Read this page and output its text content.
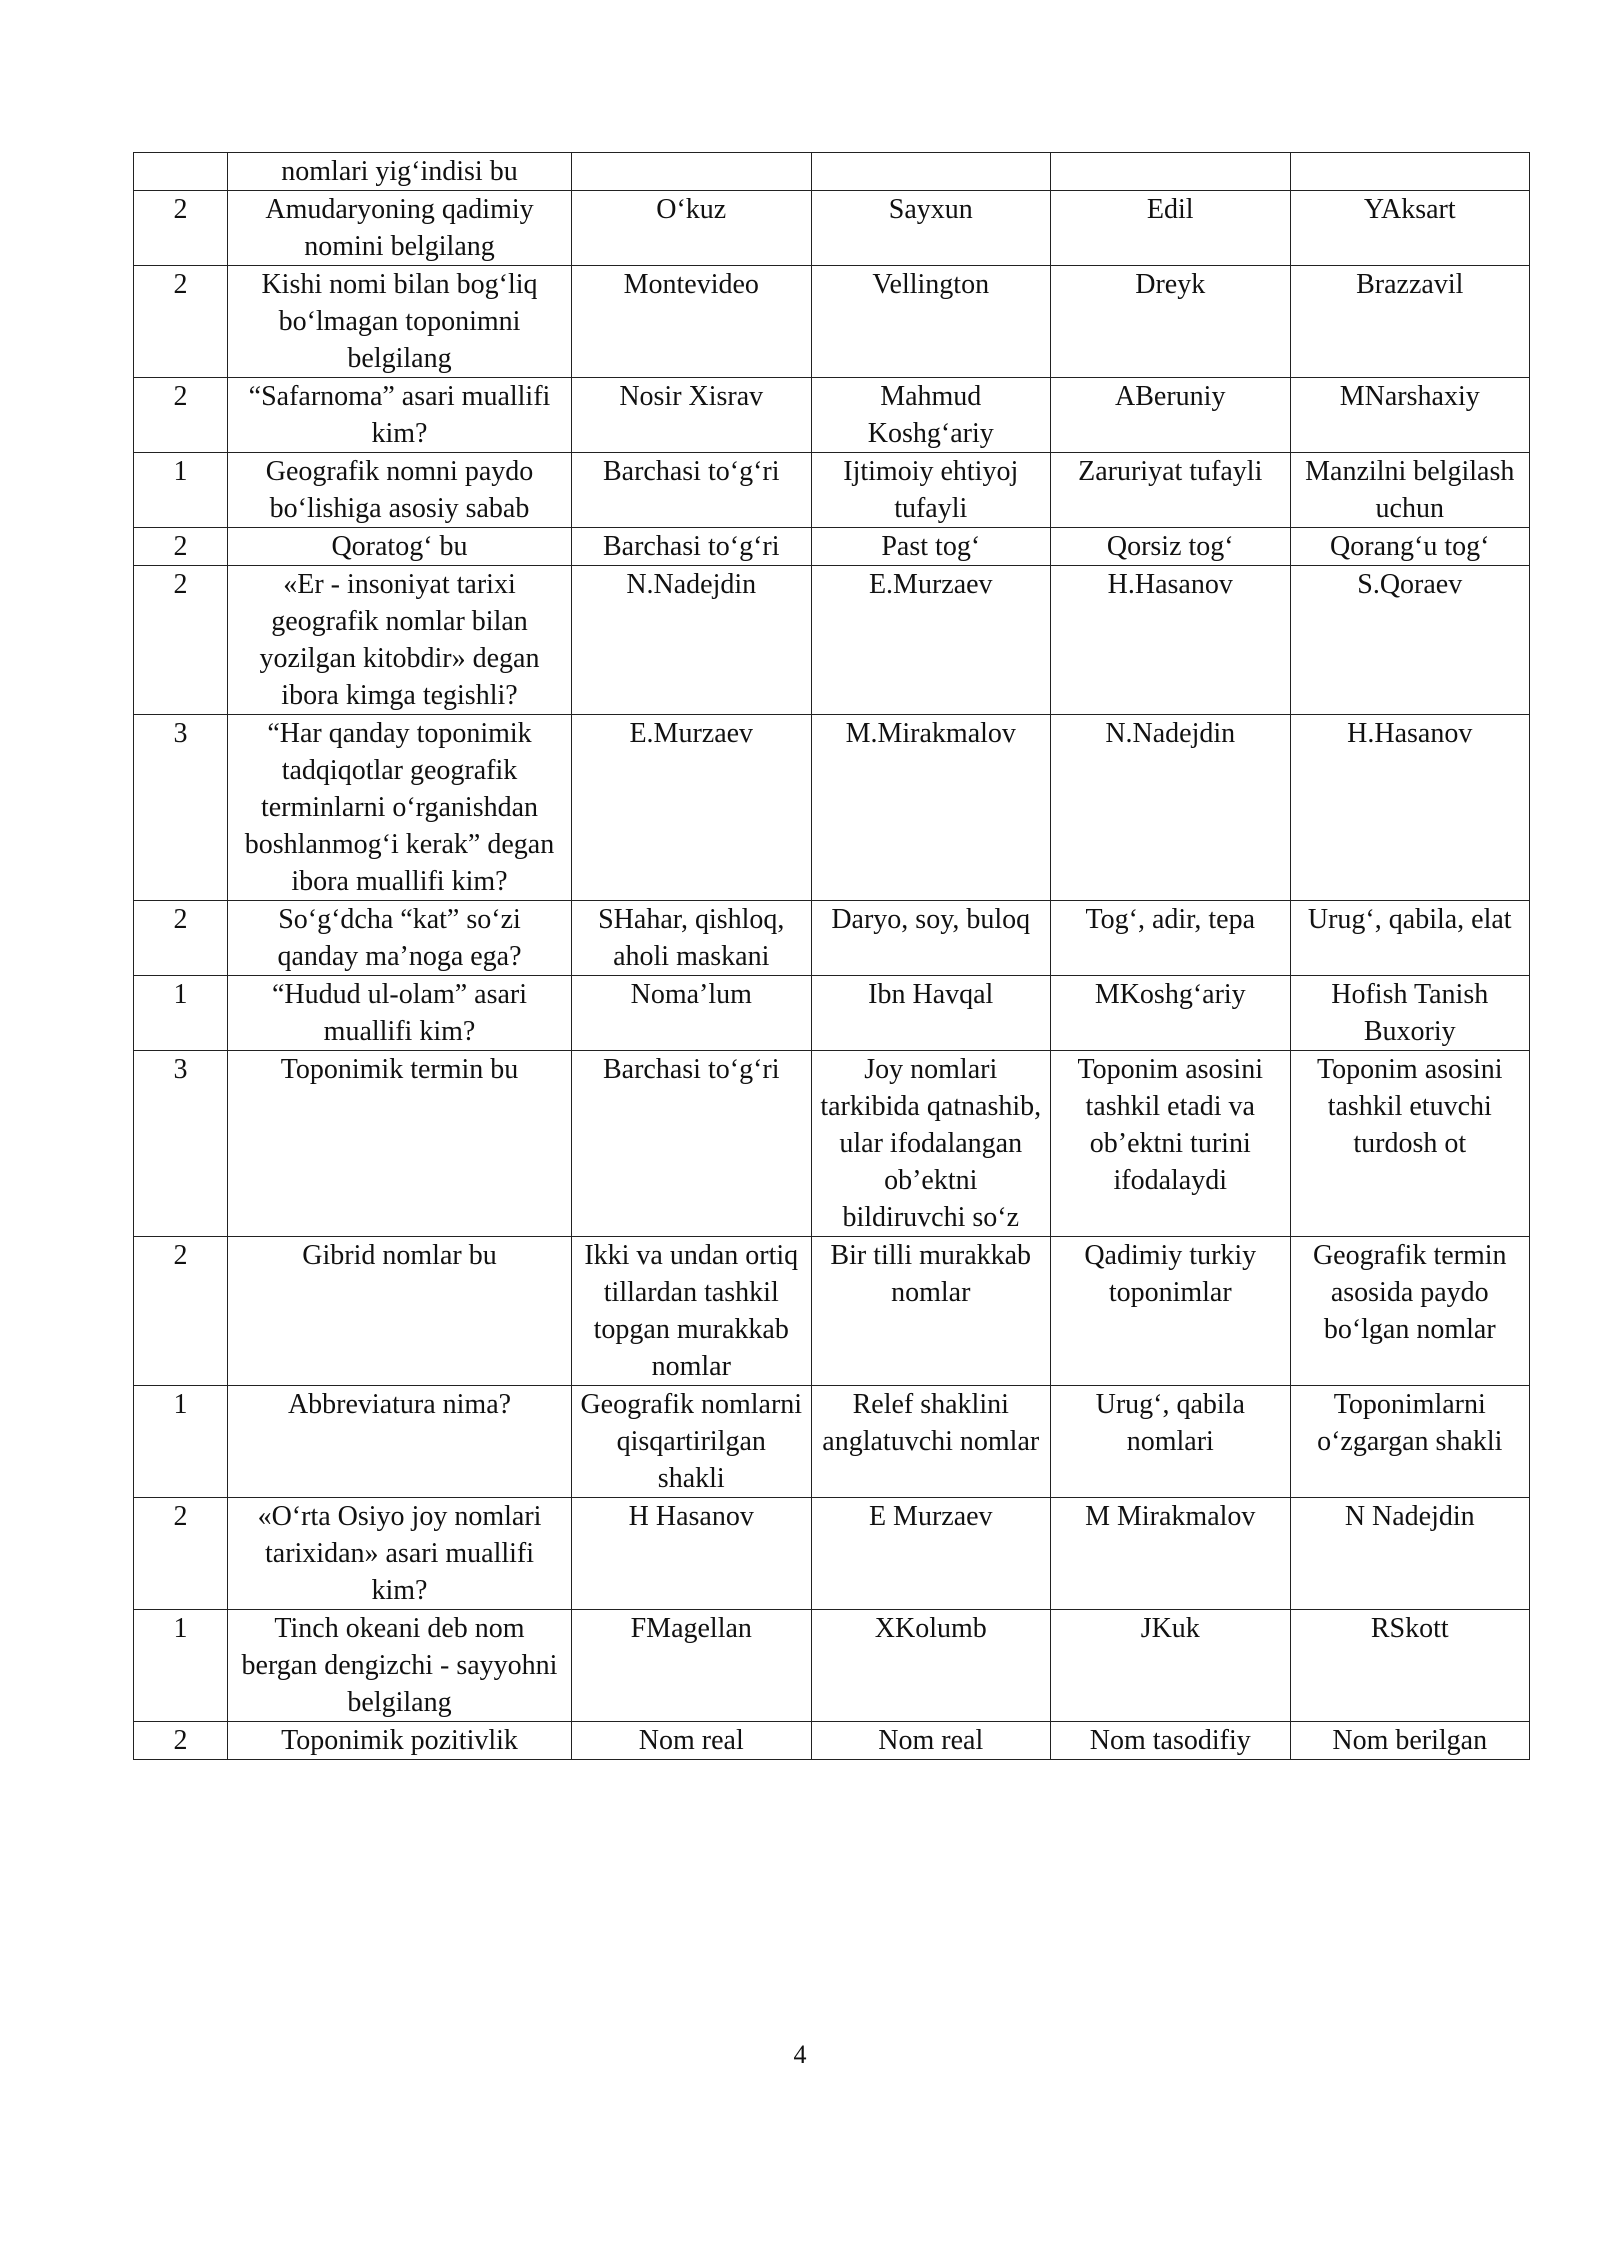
	nomlari yig‘indisi bu				
2	Amudaryoning qadimiy nomini belgilang	O‘kuz	Sayxun	Edil	YAksart
2	Kishi nomi bilan bog‘liq bo‘lmagan toponimni belgilang	Montevideo	Vellington	Dreyk	Brazzavil
2	“Safarnoma” asari muallifi kim?	Nosir Xisrav	Mahmud Koshg‘ariy	ABeruniy	MNarshaxiy
1	Geografik nomni paydo bo‘lishiga asosiy sabab	Barchasi to‘g‘ri	Ijtimoiy ehtiyoj tufayli	Zaruriyat tufayli	Manzilni belgilash uchun
2	Qoratog‘ bu	Barchasi to‘g‘ri	Past tog‘	Qorsiz tog‘	Qorang‘u tog‘
2	«Er - insoniyat tarixi geografik nomlar bilan yozilgan kitobdir» degan ibora kimga tegishli?	N.Nadejdin	E.Murzaev	H.Hasanov	S.Qoraev
3	“Har qanday toponimik tadqiqotlar geografik terminlarni o‘rganishdan boshlanmog‘i kerak” degan ibora muallifi kim?	E.Murzaev	M.Mirakmalov	N.Nadejdin	H.Hasanov
2	So‘g‘dcha “kat” so‘zi qanday ma’noga ega?	SHahar, qishloq, aholi maskani	Daryo, soy, buloq	Tog‘, adir, tepa	Urug‘, qabila, elat
1	“Hudud ul-olam” asari muallifi kim?	Noma’lum	Ibn Havqal	MKoshg‘ariy	Hofish Tanish Buxoriy
3	Toponimik termin bu	Barchasi to‘g‘ri	Joy nomlari tarkibida qatnashib, ular ifodalangan ob’ektni bildiruvchi so‘z	Toponim asosini tashkil etadi va ob’ektni turini ifodalaydi	Toponim asosini tashkil etuvchi turdosh ot
2	Gibrid nomlar bu	Ikki va undan ortiq tillardan tashkil topgan murakkab nomlar	Bir tilli murakkab nomlar	Qadimiy turkiy toponimlar	Geografik termin asosida paydo bo‘lgan nomlar
1	Abbreviatura nima?	Geografik nomlarni qisqartirilgan shakli	Relef shaklini anglatuvchi nomlar	Urug‘, qabila nomlari	Toponimlarni o‘zgargan shakli
2	«O‘rta Osiyo joy nomlari tarixidan» asari muallifi kim?	H Hasanov	E Murzaev	M Mirakmalov	N Nadejdin
1	Tinch okeani deb nom bergan dengizchi - sayyohni belgilang	FMagellan	XKolumb	JKuk	RSkott
2	Toponimik pozitivlik	Nom real	Nom real	Nom tasodifiy	Nom berilgan
4
